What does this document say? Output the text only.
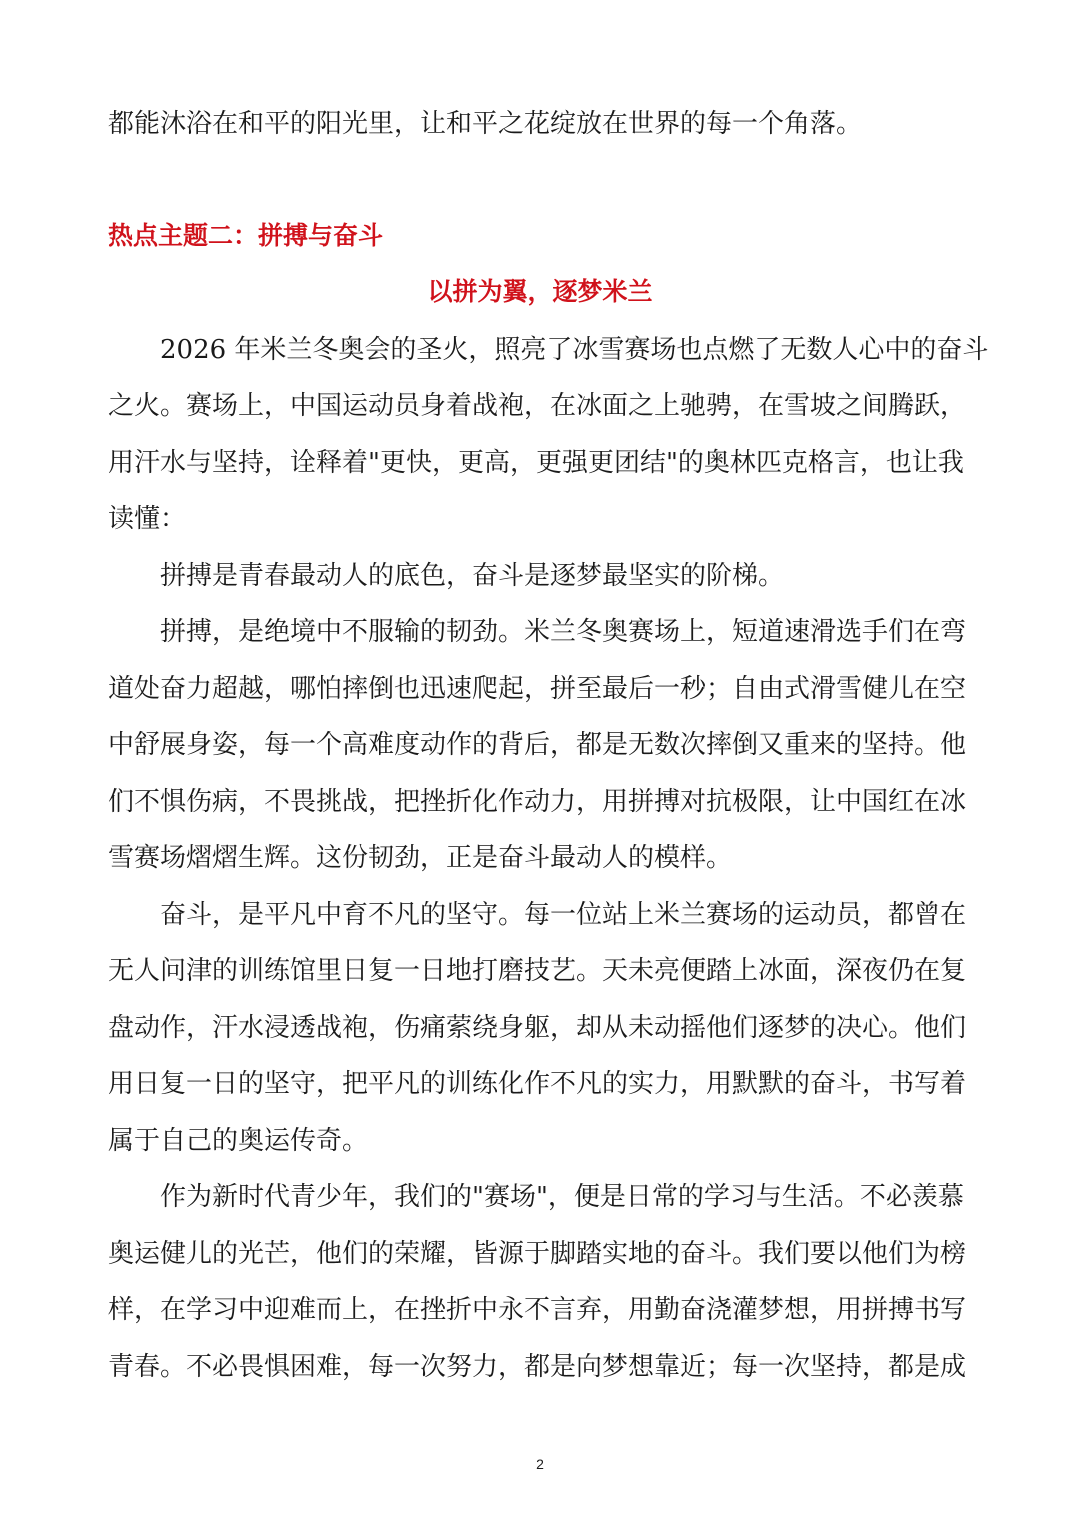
都能沐浴在和平的阳光里，让和平之花绽放在世界的每一个角落。
热点主题二：拼搏与奋斗
以拼为翼，逐梦米兰
2026 年米兰冬奥会的圣火，照亮了冰雪赛场也点燃了无数人心中的奋斗
之火。赛场上，中国运动员身着战袍，在冰面之上驰骋，在雪坡之间腾跃，
用汗水与坚持，诠释着"更快，更高，更强更团结"的奥林匹克格言，也让我
读懂：
拼搏是青春最动人的底色，奋斗是逐梦最坚实的阶梯。
拼搏，是绝境中不服输的韧劲。米兰冬奥赛场上，短道速滑选手们在弯
道处奋力超越，哪怕摔倒也迅速爬起，拼至最后一秒；自由式滑雪健儿在空
中舒展身姿，每一个高难度动作的背后，都是无数次摔倒又重来的坚持。他
们不惧伤病，不畏挑战，把挫折化作动力，用拼搏对抗极限，让中国红在冰
雪赛场熠熠生辉。这份韧劲，正是奋斗最动人的模样。
奋斗，是平凡中育不凡的坚守。每一位站上米兰赛场的运动员，都曾在
无人问津的训练馆里日复一日地打磨技艺。天未亮便踏上冰面，深夜仍在复
盘动作，汗水浸透战袍，伤痛萦绕身躯，却从未动摇他们逐梦的决心。他们
用日复一日的坚守，把平凡的训练化作不凡的实力，用默默的奋斗，书写着
属于自己的奥运传奇。
作为新时代青少年，我们的"赛场"，便是日常的学习与生活。不必羡慕
奥运健儿的光芒，他们的荣耀，皆源于脚踏实地的奋斗。我们要以他们为榜
样，在学习中迎难而上，在挫折中永不言弃，用勤奋浇灌梦想，用拼搏书写
青春。不必畏惧困难，每一次努力，都是向梦想靠近；每一次坚持，都是成
2
